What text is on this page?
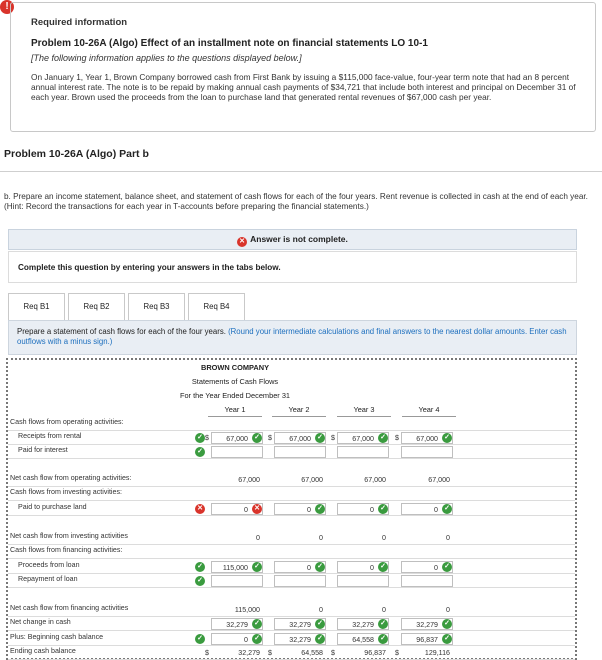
!
Required information
Problem 10-26A (Algo) Effect of an installment note on financial statements LO 10-1
[The following information applies to the questions displayed below.]
On January 1, Year 1, Brown Company borrowed cash from First Bank by issuing a $115,000 face-value, four-year term note that had an 8 percent annual interest rate. The note is to be repaid by making annual cash payments of $34,721 that include both interest and principal on December 31 of each year. Brown used the proceeds from the loan to purchase land that generated rental revenues of $67,000 cash per year.
Problem 10-26A (Algo) Part b
b. Prepare an income statement, balance sheet, and statement of cash flows for each of the four years. Rent revenue is collected in cash at the end of each year. (Hint: Record the transactions for each year in T-accounts before preparing the financial statements.)
✕ Answer is not complete.
Complete this question by entering your answers in the tabs below.
Req B1	Req B2	Req B3	Req B4
Prepare a statement of cash flows for each of the four years. (Round your intermediate calculations and final answers to the nearest dollar amounts. Enter cash outflows with a minus sign.)
BROWN COMPANY
Statements of Cash Flows
For the Year Ended December 31
Year 1	Year 2	Year 3	Year 4
Cash flows from operating activities:
Receipts from rental	✓ $	67,000 ✓ $	67,000 ✓ $	67,000 ✓ $	67,000 ✓
Paid for interest	✓
Net cash flow from operating activities:	67,000	67,000	67,000	67,000
Cash flows from investing activities:
Paid to purchase land	✕	0 ✕	0 ✓	0 ✓	0 ✓
Net cash flow from investing activities	0	0	0	0
Cash flows from financing activities:
Proceeds from loan	✓	115,000 ✓	0 ✓	0 ✓	0 ✓
Repayment of loan	✓
Net cash flow from financing activities	115,000	0	0	0
Net change in cash	32,279 ✓	32,279 ✓	32,279 ✓	32,279 ✓
Plus: Beginning cash balance	✓	0 ✓	32,279 ✓	64,558 ✓	96,837 ✓
Ending cash balance	$	32,279	$	64,558	$	96,837	$	129,116
